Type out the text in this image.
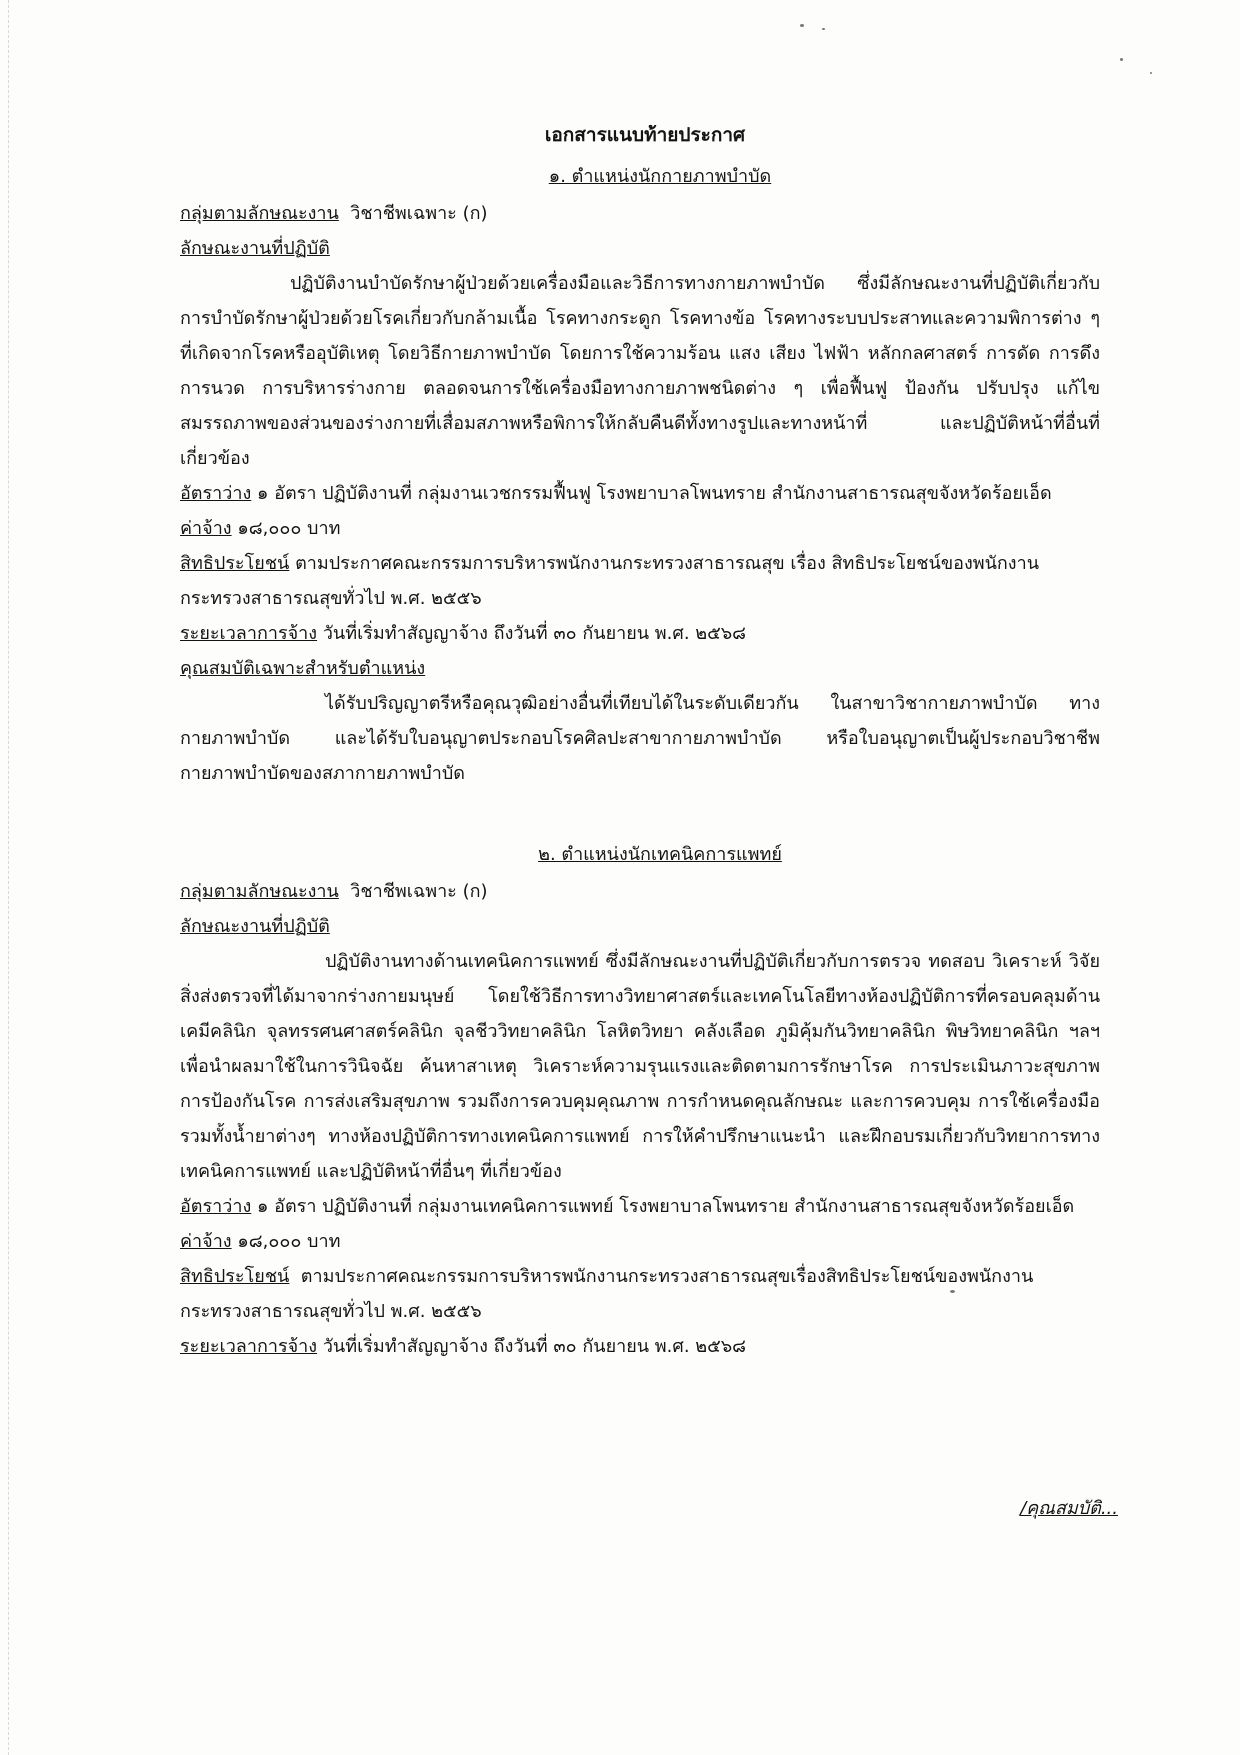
เอกสารแนบท้ายประกาศ

๑. ตำแหน่งนักกายภาพบำบัด

กลุ่มตามลักษณะงาน วิชาชีพเฉพาะ (ก)

ลักษณะงานที่ปฏิบัติ

ปฏิบัติงานบำบัดรักษาผู้ป่วยด้วยเครื่องมือและวิธีการทางกายภาพบำบัด ซึ่งมีลักษณะงานที่ปฏิบัติเกี่ยวกับการบำบัดรักษาผู้ป่วยด้วยโรคเกี่ยวกับกล้ามเนื้อ โรคทางกระดูก โรคทางข้อ โรคทางระบบประสาทและความพิการต่าง ๆ ที่เกิดจากโรคหรืออุบัติเหตุ โดยวิธีกายภาพบำบัด โดยการใช้ความร้อน แสง เสียง ไฟฟ้า หลักกลศาสตร์ การดัด การดึง การนวด การบริหารร่างกาย ตลอดจนการใช้เครื่องมือทางกายภาพชนิดต่าง ๆ เพื่อฟื้นฟู ป้องกัน ปรับปรุง แก้ไขสมรรถภาพของส่วนของร่างกายที่เสื่อมสภาพหรือพิการให้กลับคืนดีทั้งทางรูปและทางหน้าที่ และปฏิบัติหน้าที่อื่นที่เกี่ยวข้อง

อัตราว่าง ๑ อัตรา ปฏิบัติงานที่ กลุ่มงานเวชกรรมฟื้นฟู โรงพยาบาลโพนทราย สำนักงานสาธารณสุขจังหวัดร้อยเอ็ด

ค่าจ้าง ๑๘,๐๐๐ บาท

สิทธิประโยชน์ ตามประกาศคณะกรรมการบริหารพนักงานกระทรวงสาธารณสุข เรื่อง สิทธิประโยชน์ของพนักงานกระทรวงสาธารณสุขทั่วไป พ.ศ. ๒๕๕๖

ระยะเวลาการจ้าง วันที่เริ่มทำสัญญาจ้าง ถึงวันที่ ๓๐ กันยายน พ.ศ. ๒๕๖๘

คุณสมบัติเฉพาะสำหรับตำแหน่ง

ได้รับปริญญาตรีหรือคุณวุฒิอย่างอื่นที่เทียบได้ในระดับเดียวกัน ในสาขาวิชากายภาพบำบัด ทางกายภาพบำบัด และได้รับใบอนุญาตประกอบโรคศิลปะสาขากายภาพบำบัด หรือใบอนุญาตเป็นผู้ประกอบวิชาชีพกายภาพบำบัดของสภากายภาพบำบัด

๒. ตำแหน่งนักเทคนิคการแพทย์

กลุ่มตามลักษณะงาน วิชาชีพเฉพาะ (ก)

ลักษณะงานที่ปฏิบัติ

ปฏิบัติงานทางด้านเทคนิคการแพทย์ ซึ่งมีลักษณะงานที่ปฏิบัติเกี่ยวกับการตรวจ ทดสอบ วิเคราะห์ วิจัยสิ่งส่งตรวจที่ได้มาจากร่างกายมนุษย์ โดยใช้วิธีการทางวิทยาศาสตร์และเทคโนโลยีทางห้องปฏิบัติการที่ครอบคลุมด้านเคมีคลินิก จุลทรรศนศาสตร์คลินิก จุลชีววิทยาคลินิก โลหิตวิทยา คลังเลือด ภูมิคุ้มกันวิทยาคลินิก พิษวิทยาคลินิก ฯลฯ เพื่อนำผลมาใช้ในการวินิจฉัย ค้นหาสาเหตุ วิเคราะห์ความรุนแรงและติดตามการรักษาโรค การประเมินภาวะสุขภาพ การป้องกันโรค การส่งเสริมสุขภาพ รวมถึงการควบคุมคุณภาพ การกำหนดคุณลักษณะ และการควบคุม การใช้เครื่องมือรวมทั้งน้ำยาต่างๆ ทางห้องปฏิบัติการทางเทคนิคการแพทย์ การให้คำปรึกษาแนะนำ และฝึกอบรมเกี่ยวกับวิทยาการทางเทคนิคการแพทย์ และปฏิบัติหน้าที่อื่นๆ ที่เกี่ยวข้อง

อัตราว่าง ๑ อัตรา ปฏิบัติงานที่ กลุ่มงานเทคนิคการแพทย์ โรงพยาบาลโพนทราย สำนักงานสาธารณสุขจังหวัดร้อยเอ็ด

ค่าจ้าง ๑๘,๐๐๐ บาท

สิทธิประโยชน์ ตามประกาศคณะกรรมการบริหารพนักงานกระทรวงสาธารณสุขเรื่องสิทธิประโยชน์ของพนักงานกระทรวงสาธารณสุขทั่วไป พ.ศ. ๒๕๕๖

ระยะเวลาการจ้าง วันที่เริ่มทำสัญญาจ้าง ถึงวันที่ ๓๐ กันยายน พ.ศ. ๒๕๖๘

/คุณสมบัติ...
